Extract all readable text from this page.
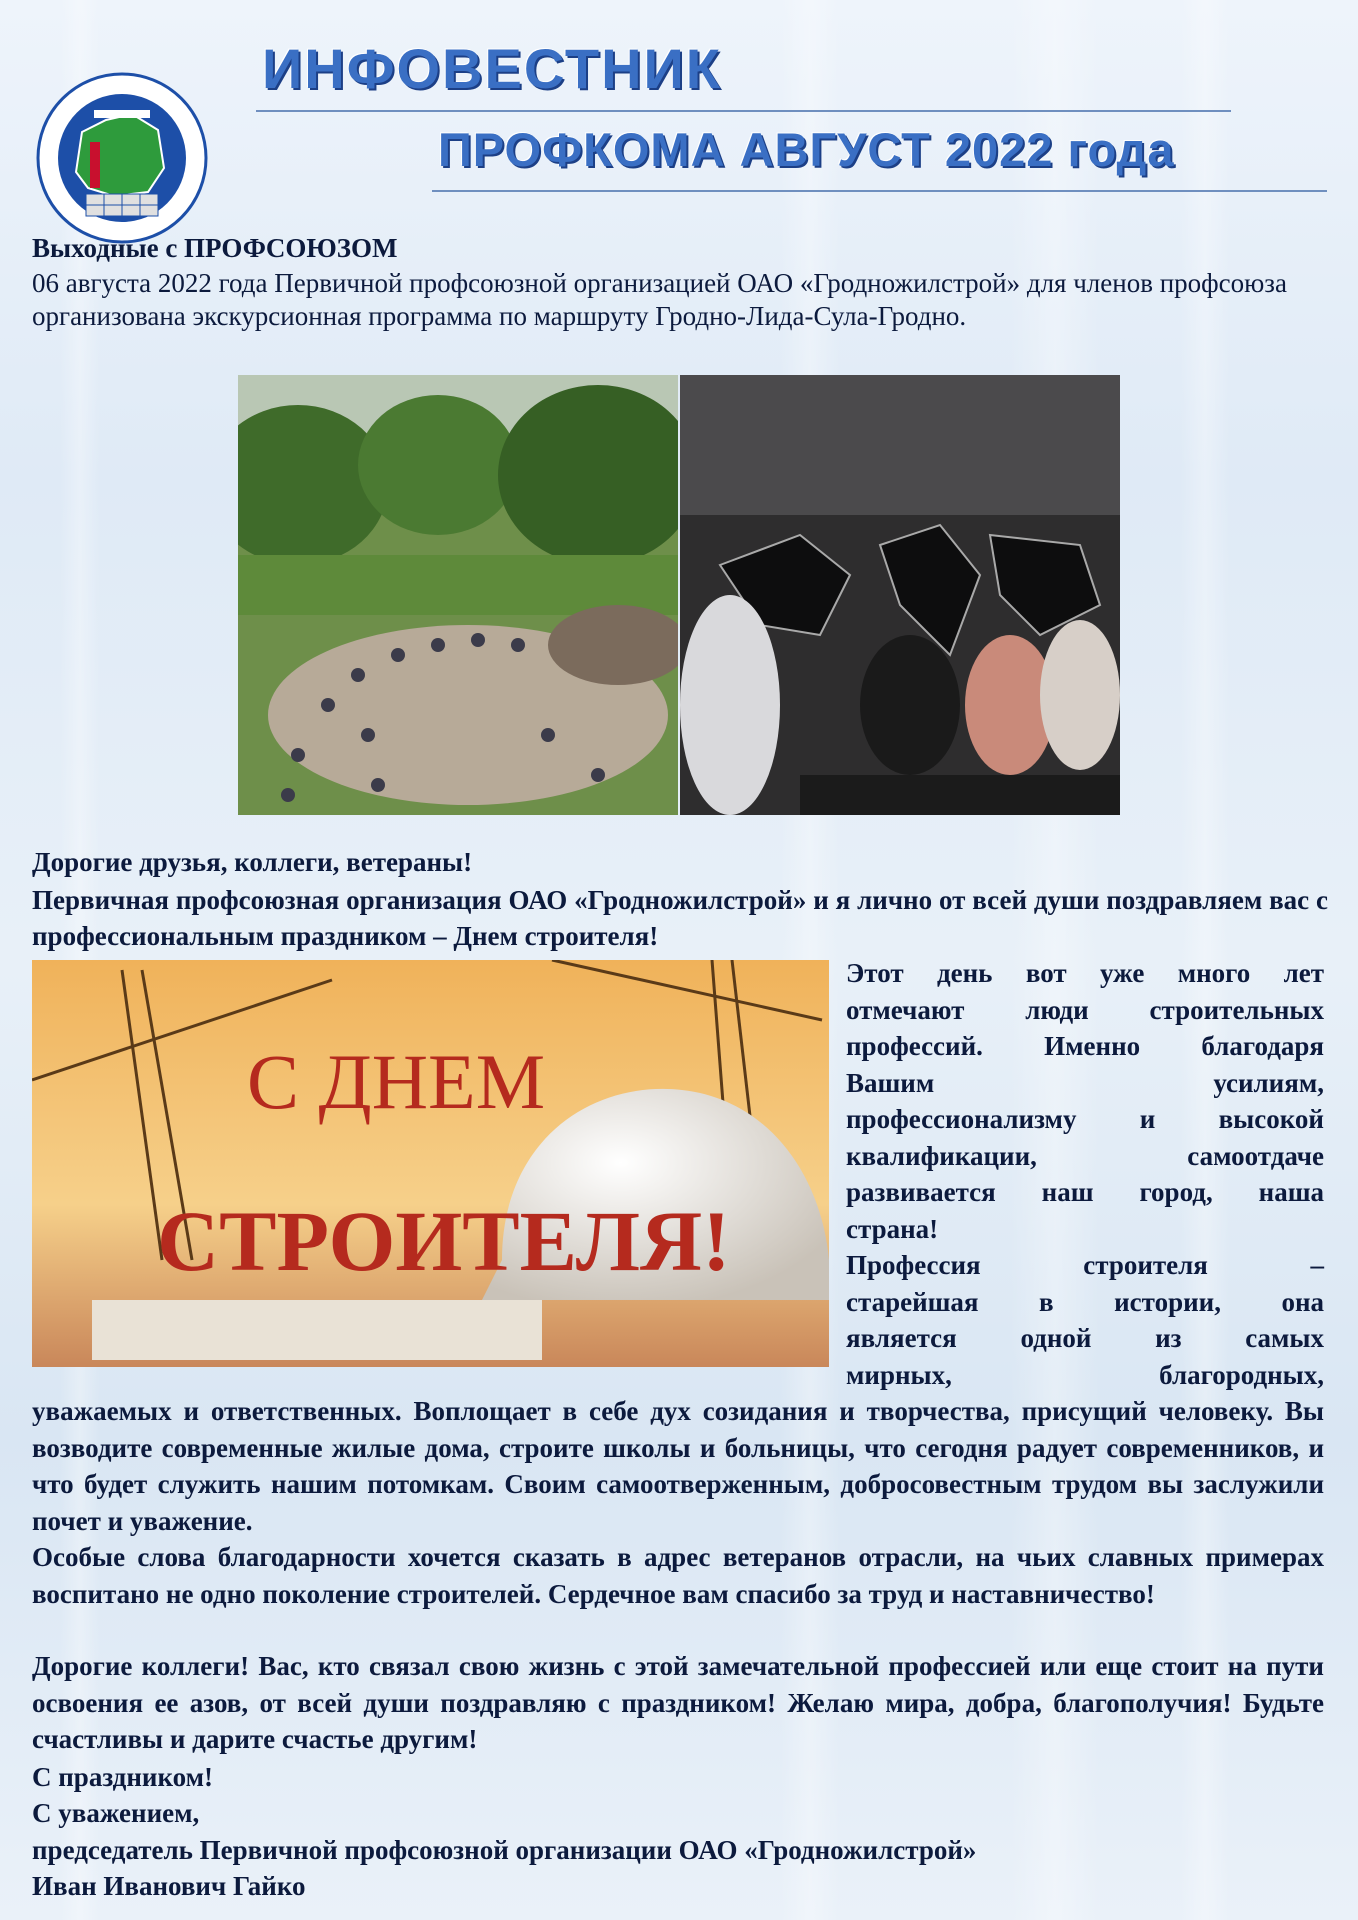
ИНФОВЕСТНИК
ПРОФКОМА АВГУСТ 2022 года

Выходные с ПРОФСОЮЗОМ

06 августа 2022 года Первичной профсоюзной организацией ОАО «Гродножилстрой» для членов профсоюза организована экскурсионная программа по маршруту Гродно-Лида-Сула-Гродно.

Дорогие друзья, коллеги, ветераны!

Первичная профсоюзная организация ОАО «Гродножилстрой» и я лично от всей души поздравляем вас с профессиональным праздником – Днем строителя!

С ДНЕМ
СТРОИТЕЛЯ!
Этот день вот уже много лет
отмечают люди строительных
профессий. Именно благодаря
Вашим усилиям,
профессионализму и высокой
квалификации, самоотдаче
развивается наш город, наша
страна!
Профессия строителя –
старейшая в истории, она
является одной из самых
мирных, благородных,

уважаемых и ответственных. Воплощает в себе дух созидания и творчества, присущий человеку. Вы возводите современные жилые дома, строите школы и больницы, что сегодня радует современников, и что будет служить нашим потомкам. Своим самоотверженным, добросовестным трудом вы заслужили почет и уважение.

Особые слова благодарности хочется сказать в адрес ветеранов отрасли, на чьих славных примерах воспитано не одно поколение строителей. Сердечное вам спасибо за труд и наставничество!

Дорогие коллеги! Вас, кто связал свою жизнь с этой замечательной профессией или еще стоит на пути освоения ее азов, от всей души поздравляю с праздником! Желаю мира, добра, благополучия! Будьте счастливы и дарите счастье другим!

С праздником!

С уважением,

председатель Первичной профсоюзной организации ОАО «Гродножилстрой»

Иван Иванович Гайко
